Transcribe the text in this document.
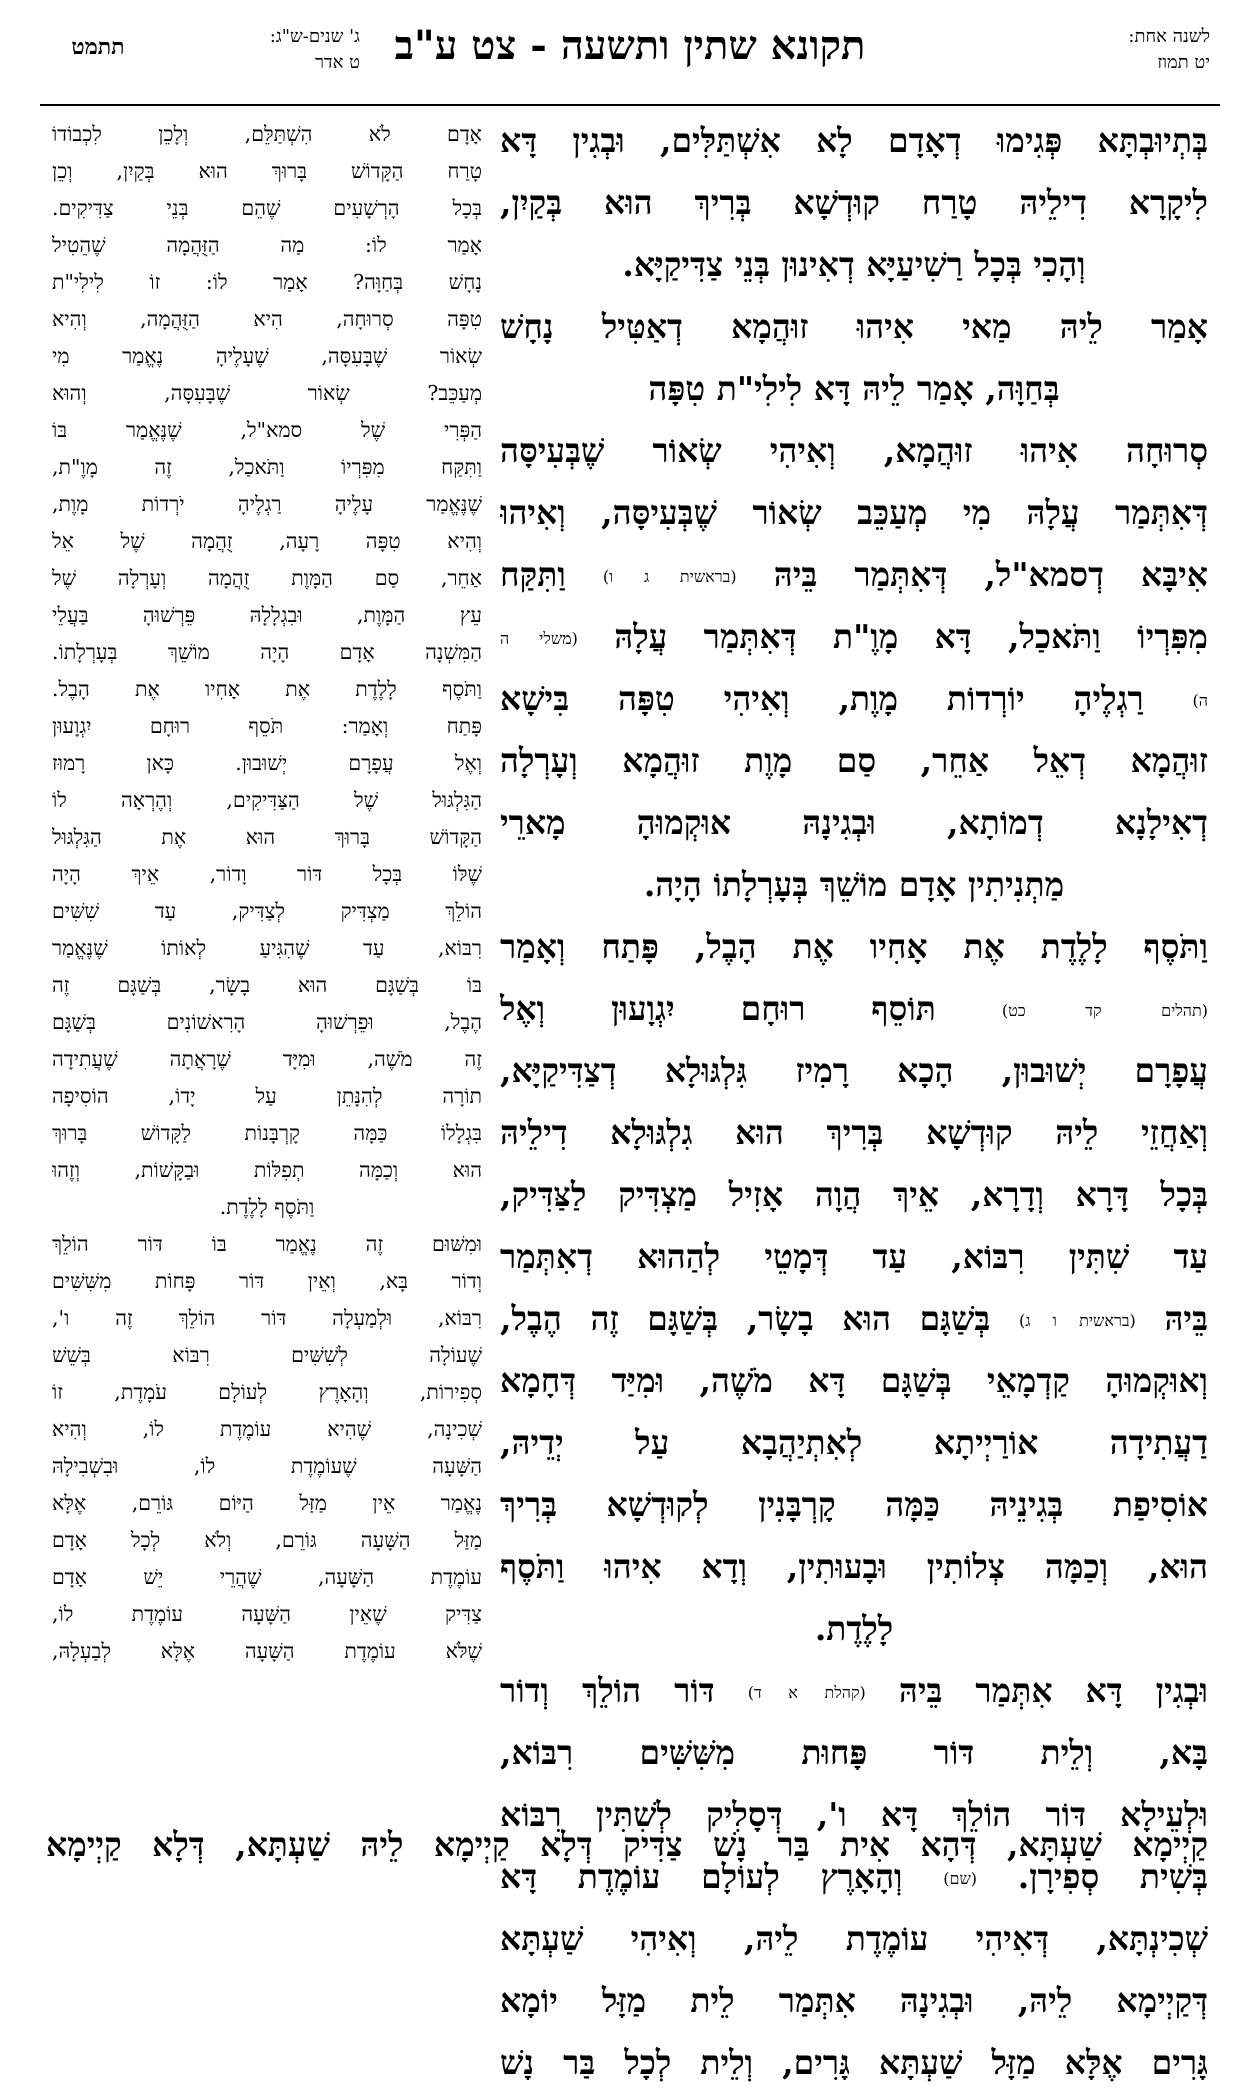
לשנה אחת:
יט תמוז
תקונא שתין ותשעה - צט ע"ב
ג' שנים-ש"ג:
ט אדר
תתמט
בְּתְיוּבְתָּא פְּגִימוּ דְאָדָם לָא אִשְׁתַּלִּים, וּבְגִין דָּא
לִיקָרָא דִילֵיהּ טָרַח קוּדְשָׁא בְּרִיךְ הוּא בְּקַיִן,
וְהָכִי בְּכָל רַשִׁיעַיָּא דְאִינוּן בְּנֵי צַדִּיקַיָּא.
אָמַר לֵיהּ מַאי אִיהוּ זוּהֲמָא דְאַטִּיל נָחָשׁ
בְּחַוָּה, אָמַר לֵיהּ דָּא לִילִי"ת טִפָּה
סְרוּחָה אִיהוּ זוּהֲמָא, וְאִיהִי שְׂאוֹר שֶׁבְּעִיסָּה
דְּאִתְּמַר עֲלָהּ מִי מְעַכֵּב שְׂאוֹר שֶׁבְּעִיסָּה, וְאִיהוּ
אִיבָּא דְסמא"ל, דְּאִתְּמַר בֵּיהּ (בראשית ג ו) וַתִּקַּח
מִפִּרְיוֹ וַתֹּאכַל, דָּא מָוֶ"ת דְּאִתְּמַר עֲלָהּ (משלי ה
ה) רַגְלֶיהָ יוֹרְדוֹת מָוֶת, וְאִיהִי טִפָּה בִּישָׁא
זוּהֲמָא דְאֵל אַחֵר, סַם מָוֶת זוּהֲמָא וְעָרְלָה
דְאִילָנָא דְמוֹתָא, וּבְגִינָהּ אוּקְמוּהָ מָארֵי
מַתְנִיתִין אָדָם מוֹשֵׁךְ בְּעָרְלָתוֹ הָיָה.
וַתֹּסֶף לָלֶדֶת אֶת אָחִיו אֶת הָבֶל, פָּתַח וְאָמַר
(תהלים קד כט) תּוֹסֵף רוּחָם יִגְוָעוּן וְאֶל
עֲפָרָם יְשׁוּבוּן, הָכָא רָמִיז גִּלְגּוּלָא דְצַדִּיקַיָּא,
וְאַחֲזֵי לֵיהּ קוּדְשָׁא בְּרִיךְ הוּא גִלְגּוּלָא דִילֵיהּ
בְּכָל דָּרָא וְדָרָא, אֵיךְ הֲוָה אָזִיל מַצְדִּיק לַצַּדִּיק,
עַד שִׁתִּין רִבּוֹא, עַד דְּמָטֵי לְהַהוּא דְאִתְּמַר
בֵּיהּ (בראשית ו ג) בְּשַׁגָּם הוּא בָשָׂר, בְּשַׁגָּם זֶה הֶבֶל,
וְאוּקְמוּהָ קַדְמָאֵי בְּשַׁגָּם דָּא מֹשֶׁה, וּמִיַּד דְּחָמָא
דַעֲתִידָה אוֹרַיְיתָא לְאִתְיַהֲבָא עַל יְדֵיהּ,
אוֹסִיפַת בְּגִינֵיהּ כַּמָּה קָרְבָּנִין לְקוּדְשָׁא בְּרִיךְ
הוּא, וְכַמָּה צְלוֹתִין וּבָעוּתִין, וְדָא אִיהוּ וַתֹּסֶף
לָלֶדֶת.
וּבְגִין דָּא אִתְּמַר בֵּיהּ (קהלת א ד) דּוֹר הוֹלֵךְ וְדוֹר
בָּא, וְלֵית דּוֹר פָּחוּת מִשִּׁשִּׁים רִבּוֹא,
וּלְעֵילָא דּוֹר הוֹלֵךְ דָּא ו', דְּסָלִיק לְשִׁתִּין רִבּוֹא
בְּשִׁית סְפִירָן. (שם) וְהָאָרֶץ לְעוֹלָם עוֹמֶדֶת דָּא
שְׁכִינְתָּא, דְּאִיהִי עוֹמֶדֶת לֵיהּ, וְאִיהִי שַׁעְתָּא
דְּקַיְימָא לֵיהּ, וּבְגִינָהּ אִתְּמַר לֵית מַזָּל יוֹמָא
גָּרִים אֶלָּא מַזָּל שַׁעְתָּא גָּרִים, וְלֵית לְכָל בַּר נָשׁ
אָדָם לֹא הִשְׁתַּלֵּם, וְלָכֵן לִכְבוֹדוֹ
טָרַח הַקָּדוֹשׁ בָּרוּךְ הוּא בְּקַיִן, וְכֵן
בְּכָל הָרְשָׁעִים שֶׁהֵם בְּנֵי צַדִּיקִים.
אָמַר לוֹ: מַה הַזֻּהֲמָה שֶׁהֵטִיל
נָחָשׁ בְּחַוָּה? אָמַר לוֹ: זוֹ לִילִי"ת
טִפָּה סְרוּחָה, הִיא הַזֻּהֲמָה, וְהִיא
שְׂאוֹר שֶׁבָּעִסָּה, שֶׁעָלֶיהָ נֶאֱמַר מִי
מְעַכֵּב? שְׂאוֹר שֶׁבָּעִסָּה, וְהוּא
הַפְּרִי שֶׁל סמא"ל, שֶׁנֶּאֱמַר בּוֹ
וַתִּקַּח מִפִּרְיוֹ וַתֹּאכַל, זֶה מָוֶ"ת,
שֶׁנֶּאֱמַר עָלֶיהָ רַגְלֶיהָ יֹרְדוֹת מָוֶת,
וְהִיא טִפָּה רָעָה, זֻהֲמָה שֶׁל אֵל
אַחֵר, סַם הַמָּוֶת זֻהֲמָה וְעָרְלָה שֶׁל
עֵץ הַמָּוֶת, וּבִגְלָלָהּ פֵּרְשׁוּהָ בַּעֲלֵי
הַמִּשְׁנָה אָדָם הָיָה מוֹשֵׁךְ בְּעָרְלָתוֹ.
וַתֹּסֶף לָלֶדֶת אֶת אָחִיו אֶת הָבֶל.
פָּתַח וְאָמַר: תֹּסֵף רוּחָם יִגְוָעוּן
וְאֶל עֲפָרָם יְשׁוּבוּן. כָּאן רָמוּז
הַגִּלְגּוּל שֶׁל הַצַּדִּיקִים, וְהֶרְאָה לוֹ
הַקָּדוֹשׁ בָּרוּךְ הוּא אֶת הַגִּלְגּוּל
שֶׁלּוֹ בְּכָל דּוֹר וָדוֹר, אֵיךְ הָיָה
הוֹלֵךְ מַצְדִּיק לְצַדִּיק, עַד שִׁשִּׁים
רִבּוֹא, עַד שֶׁהִגִּיעַ לְאוֹתוֹ שֶׁנֶּאֱמַר
בּוֹ בְּשַׁגָּם הוּא בָשָׂר, בְּשַׁגָּם זֶה
הֶבֶל, וּפֵרְשׁוּהָ הָרִאשׁוֹנִים בְּשַׁגָּם
זֶה מֹשֶׁה, וּמִיָּד שֶׁרָאֲתָה שֶׁעֲתִידָה
תוֹרָה לְהִנָּתֵן עַל יָדוֹ, הוֹסִיפָה
בִּגְלָלוֹ כַּמָּה קָרְבָּנוֹת לַקָּדוֹשׁ בָּרוּךְ
הוּא וְכַמָּה תְפִלּוֹת וּבַקָּשׁוֹת, וְזֶהוּ
וַתֹּסֶף לָלֶדֶת.
וּמִשּׁוּם זֶה נֶאֱמַר בּוֹ דּוֹר הוֹלֵךְ
וְדוֹר בָּא, וְאֵין דּוֹר פָּחוֹת מִשִּׁשִּׁים
רִבּוֹא, וּלְמַעְלָה דּוֹר הוֹלֵךְ זֶה ו',
שֶׁעוֹלָה לְשִׁשִּׁים רִבּוֹא בְּשֵׁשׁ
סְפִירוֹת, וְהָאָרֶץ לְעוֹלָם עֹמָדֶת, זוֹ
שְׁכִינָה, שֶׁהִיא עוֹמֶדֶת לוֹ, וְהִיא
הַשָּׁעָה שֶׁעוֹמֶדֶת לוֹ, וּבִשְׁבִילָהּ
נֶאֱמַר אֵין מַזַּל הַיּוֹם גּוֹרֵם, אֶלָּא
מַזַּל הַשָּׁעָה גּוֹרֵם, וְלֹא לְכָל אָדָם
עוֹמֶדֶת הַשָּׁעָה, שֶׁהֲרֵי יֵשׁ אָדָם
צַדִּיק שֶׁאֵין הַשָּׁעָה עוֹמֶדֶת לוֹ,
שֶׁלֹּא עוֹמֶדֶת הַשָּׁעָה אֶלָּא לְבַעְלָהּ,
קַיְימָא שַׁעְתָּא, דְּהָא אִית בַּר נָשׁ צַדִּיק דְּלָא קַיְימָא לֵיהּ שַׁעְתָּא, דְּלָא קַיְימָא
